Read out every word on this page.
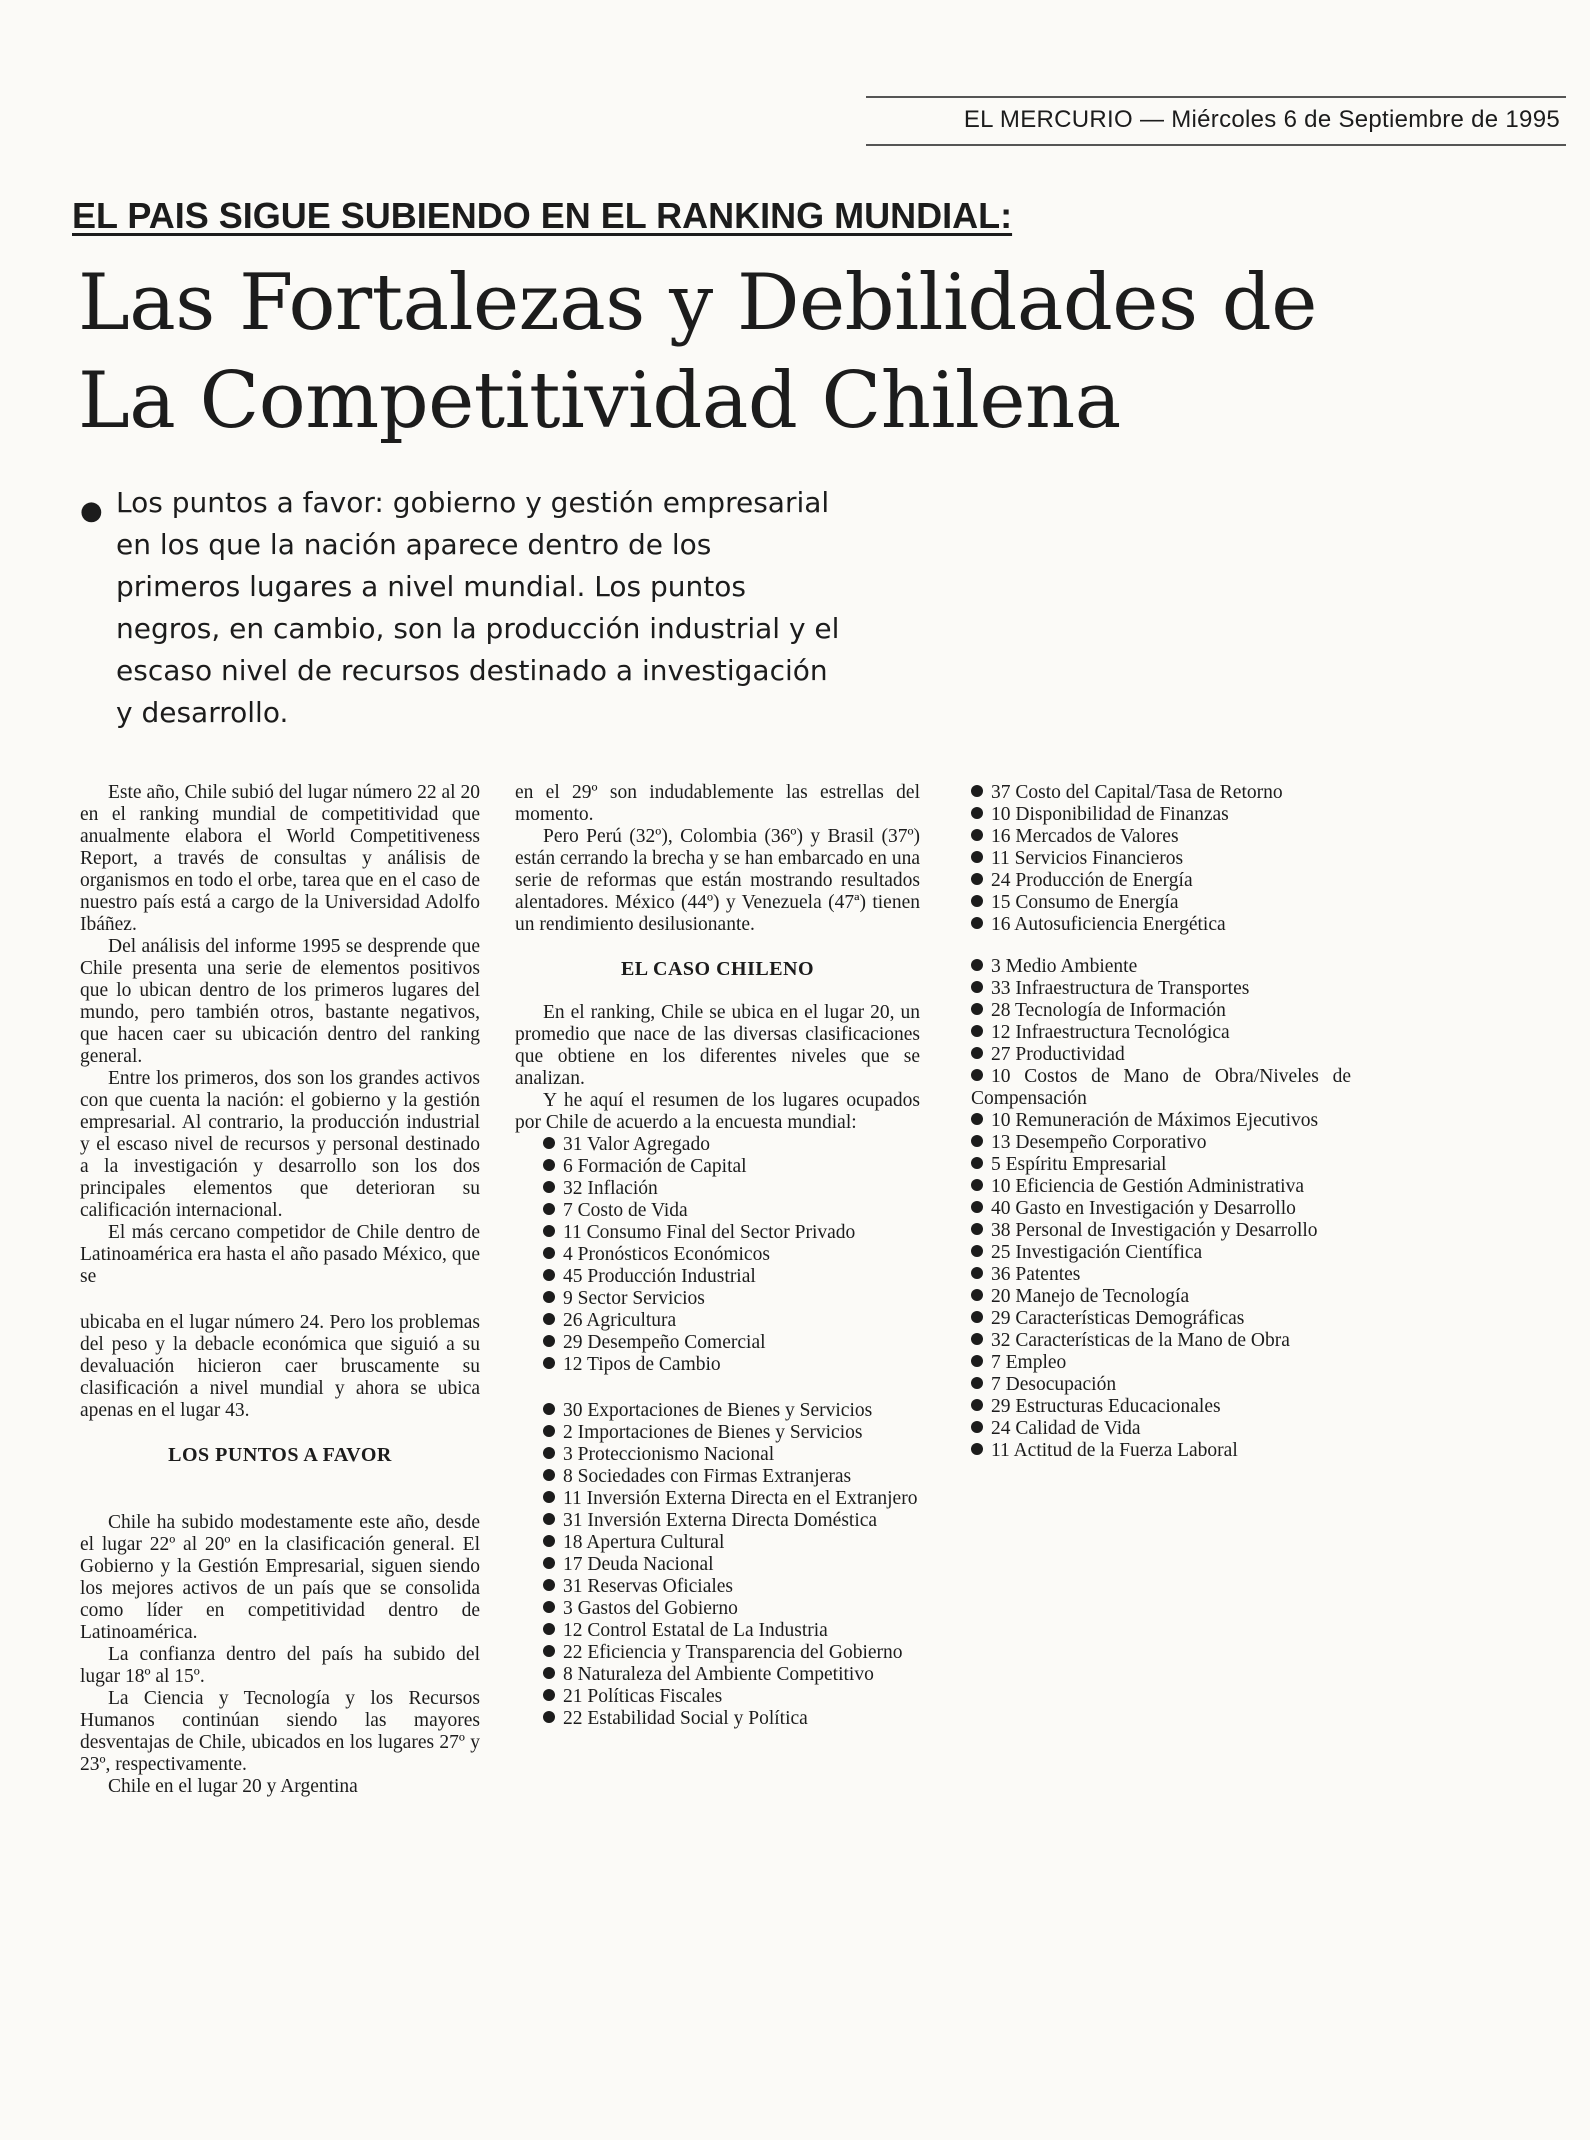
EL MERCURIO — Miércoles 6 de Septiembre de 1995
EL PAIS SIGUE SUBIENDO EN EL RANKING MUNDIAL:
Las Fortalezas y Debilidades de
La Competitividad Chilena
● Los puntos a favor: gobierno y gestión empresarial en los que la nación aparece dentro de los primeros lugares a nivel mundial. Los puntos negros, en cambio, son la producción industrial y el escaso nivel de recursos destinado a investigación y desarrollo.

Este año, Chile subió del lugar número 22 al 20 en el ranking mundial de competitividad que anualmente elabora el World Competitiveness Report, a través de consultas y análisis de organismos en todo el orbe, tarea que en el caso de nuestro país está a cargo de la Universidad Adolfo Ibáñez.

Del análisis del informe 1995 se desprende que Chile presenta una serie de elementos positivos que lo ubican dentro de los primeros lugares del mundo, pero también otros, bastante negativos, que hacen caer su ubicación dentro del ranking general.

Entre los primeros, dos son los grandes activos con que cuenta la nación: el gobierno y la gestión empresarial. Al contrario, la producción industrial y el escaso nivel de recursos y personal destinado a la investigación y desarrollo son los dos principales elementos que deterioran su calificación internacional.

El más cercano competidor de Chile dentro de Latinoamérica era hasta el año pasado México, que se

ubicaba en el lugar número 24. Pero los problemas del peso y la debacle económica que siguió a su devaluación hicieron caer bruscamente su clasificación a nivel mundial y ahora se ubica apenas en el lugar 43.

LOS PUNTOS A FAVOR

Chile ha subido modestamente este año, desde el lugar 22º al 20º en la clasificación general. El Gobierno y la Gestión Empresarial, siguen siendo los mejores activos de un país que se consolida como líder en competitividad dentro de Latinoamérica.

La confianza dentro del país ha subido del lugar 18º al 15º.

La Ciencia y Tecnología y los Recursos Humanos continúan siendo las mayores desventajas de Chile, ubicados en los lugares 27º y 23º, respectivamente.

Chile en el lugar 20 y Argentina

en el 29º son indudablemente las estrellas del momento.

Pero Perú (32º), Colombia (36º) y Brasil (37º) están cerrando la brecha y se han embarcado en una serie de reformas que están mostrando resultados alentadores. México (44º) y Venezuela (47ª) tienen un rendimiento desilusionante.

EL CASO CHILENO

En el ranking, Chile se ubica en el lugar 20, un promedio que nace de las diversas clasificaciones que obtiene en los diferentes niveles que se analizan.

Y he aquí el resumen de los lugares ocupados por Chile de acuerdo a la encuesta mundial:

31 Valor Agregado

6 Formación de Capital

32 Inflación

7 Costo de Vida

11 Consumo Final del Sector Privado

4 Pronósticos Económicos

45 Producción Industrial

9 Sector Servicios

26 Agricultura

29 Desempeño Comercial

12 Tipos de Cambio

30 Exportaciones de Bienes y Servicios

2 Importaciones de Bienes y Servicios

3 Proteccionismo Nacional

8 Sociedades con Firmas Extranjeras

11 Inversión Externa Directa en el Extranjero

31 Inversión Externa Directa Doméstica

18 Apertura Cultural

17 Deuda Nacional

31 Reservas Oficiales

3 Gastos del Gobierno

12 Control Estatal de La Industria

22 Eficiencia y Transparencia del Gobierno

8 Naturaleza del Ambiente Competitivo

21 Políticas Fiscales

22 Estabilidad Social y Política

37 Costo del Capital/Tasa de Retorno

10 Disponibilidad de Finanzas

16 Mercados de Valores

11 Servicios Financieros

24 Producción de Energía

15 Consumo de Energía

16 Autosuficiencia Energética

3 Medio Ambiente

33 Infraestructura de Transportes

28 Tecnología de Información

12 Infraestructura Tecnológica

27 Productividad

10 Costos de Mano de Obra/Niveles de Compensación

10 Remuneración de Máximos Ejecutivos

13 Desempeño Corporativo

5 Espíritu Empresarial

10 Eficiencia de Gestión Administrativa

40 Gasto en Investigación y Desarrollo

38 Personal de Investigación y Desarrollo

25 Investigación Científica

36 Patentes

20 Manejo de Tecnología

29 Características Demográficas

32 Características de la Mano de Obra

7 Empleo

7 Desocupación

29 Estructuras Educacionales

24 Calidad de Vida

11 Actitud de la Fuerza Laboral
